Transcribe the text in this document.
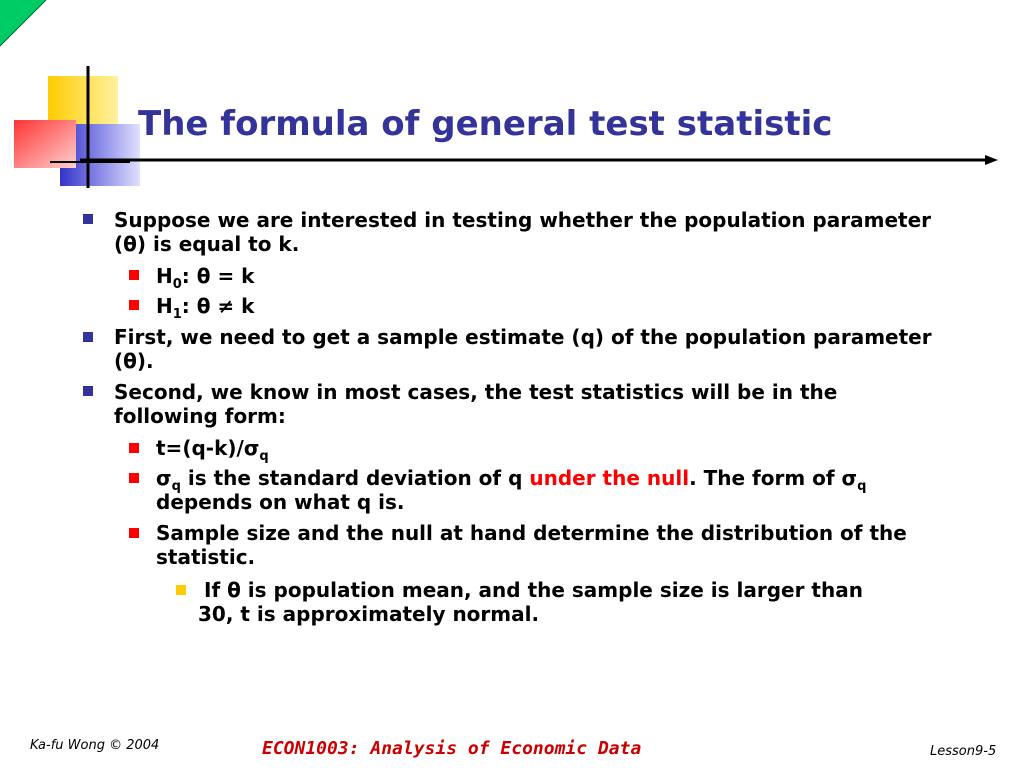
The formula of general test statistic
Suppose we are interested in testing whether the population parameter (θ) is equal to k.
$H_0$: θ = k
$H_1$: θ ≠ k
First, we need to get a sample estimate (q) of the population parameter (θ).
Second, we know in most cases, the test statistics will be in the following form:
$t=(q-k)/\sigma_q$
$\sigma_q$ is the standard deviation of q under the null. The form of $\sigma_q$
depends on what q is.
Sample size and the null at hand determine the distribution of the statistic.
If θ is population mean, and the sample size is larger than
30, t is approximately normal.
Ka-fu Wong © 2004	ECON1003: Analysis of Economic Data	Lesson9-5
